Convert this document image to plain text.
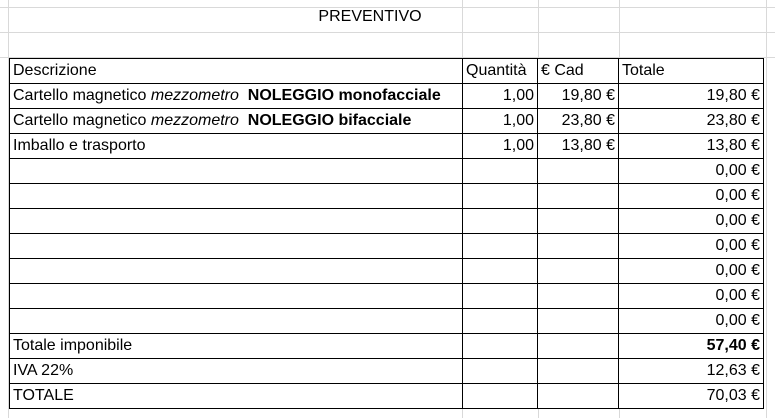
PREVENTIVO
Descrizione	Quantità	€ Cad	Totale
Cartello magnetico mezzometro NOLEGGIO monofacciale	1,00	19,80 €	19,80 €
Cartello magnetico mezzometro NOLEGGIO bifacciale	1,00	23,80 €	23,80 €
Imballo e trasporto	1,00	13,80 €	13,80 €
			0,00 €
			0,00 €
			0,00 €
			0,00 €
			0,00 €
			0,00 €
			0,00 €
Totale imponibile			57,40 €
IVA 22%			12,63 €
TOTALE			70,03 €
